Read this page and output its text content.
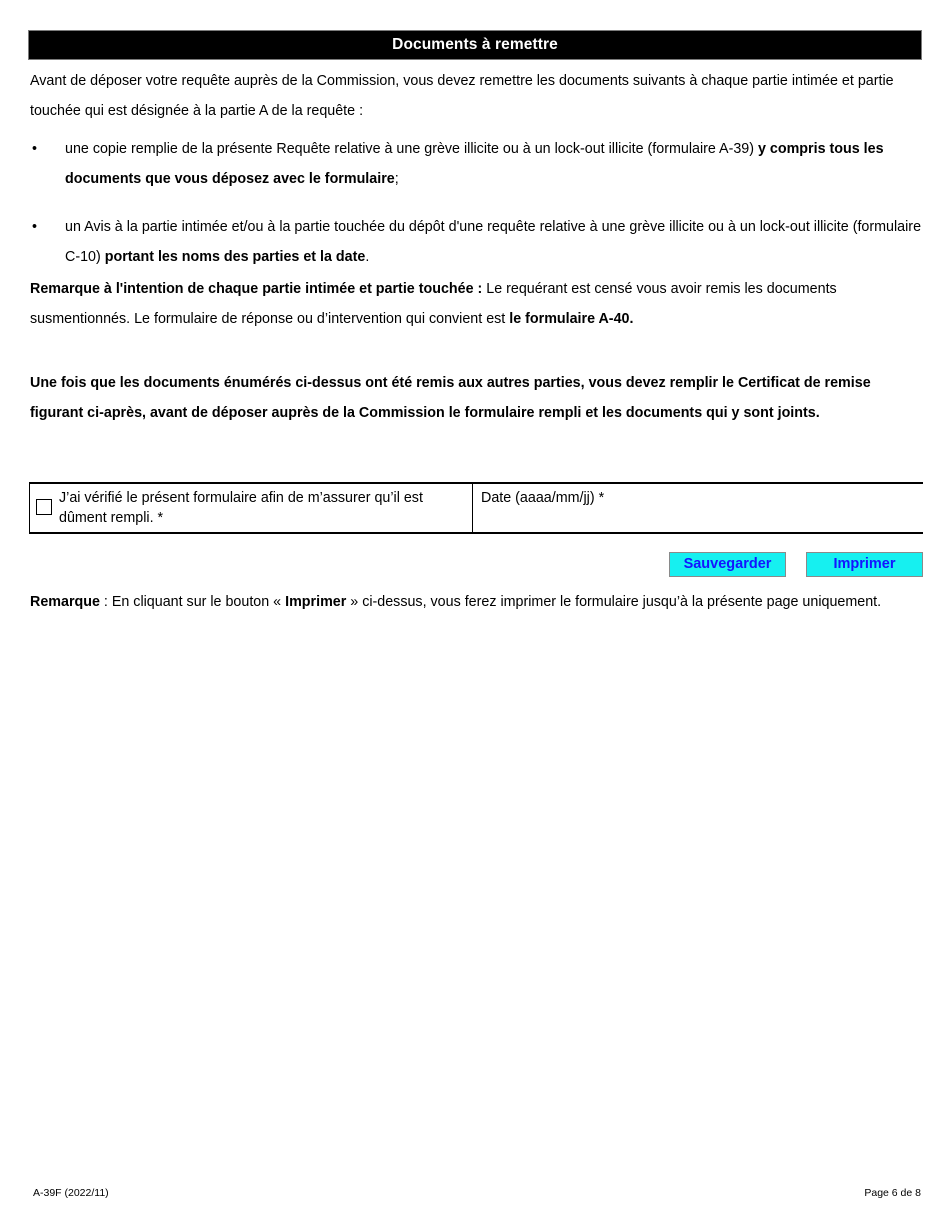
Documents à remettre
Avant de déposer votre requête auprès de la Commission, vous devez remettre les documents suivants à chaque partie intimée et partie touchée qui est désignée à la partie A de la requête :
• une copie remplie de la présente Requête relative à une grève illicite ou à un lock-out illicite (formulaire A-39) y compris tous les documents que vous déposez avec le formulaire;
• un Avis à la partie intimée et/ou à la partie touchée du dépôt d'une requête relative à une grève illicite ou à un lock-out illicite (formulaire C-10) portant les noms des parties et la date.
Remarque à l'intention de chaque partie intimée et partie touchée : Le requérant est censé vous avoir remis les documents susmentionnés. Le formulaire de réponse ou d’intervention qui convient est le formulaire A-40.
Une fois que les documents énumérés ci-dessus ont été remis aux autres parties, vous devez remplir le Certificat de remise figurant ci-après, avant de déposer auprès de la Commission le formulaire rempli et les documents qui y sont joints.
J’ai vérifié le présent formulaire afin de m’assurer qu’il est dûment rempli. *
Date (aaaa/mm/jj) *
Sauvegarder	Imprimer
Remarque : En cliquant sur le bouton « Imprimer » ci-dessus, vous ferez imprimer le formulaire jusqu’à la présente page uniquement.
A-39F (2022/11)	Page 6 de 8
